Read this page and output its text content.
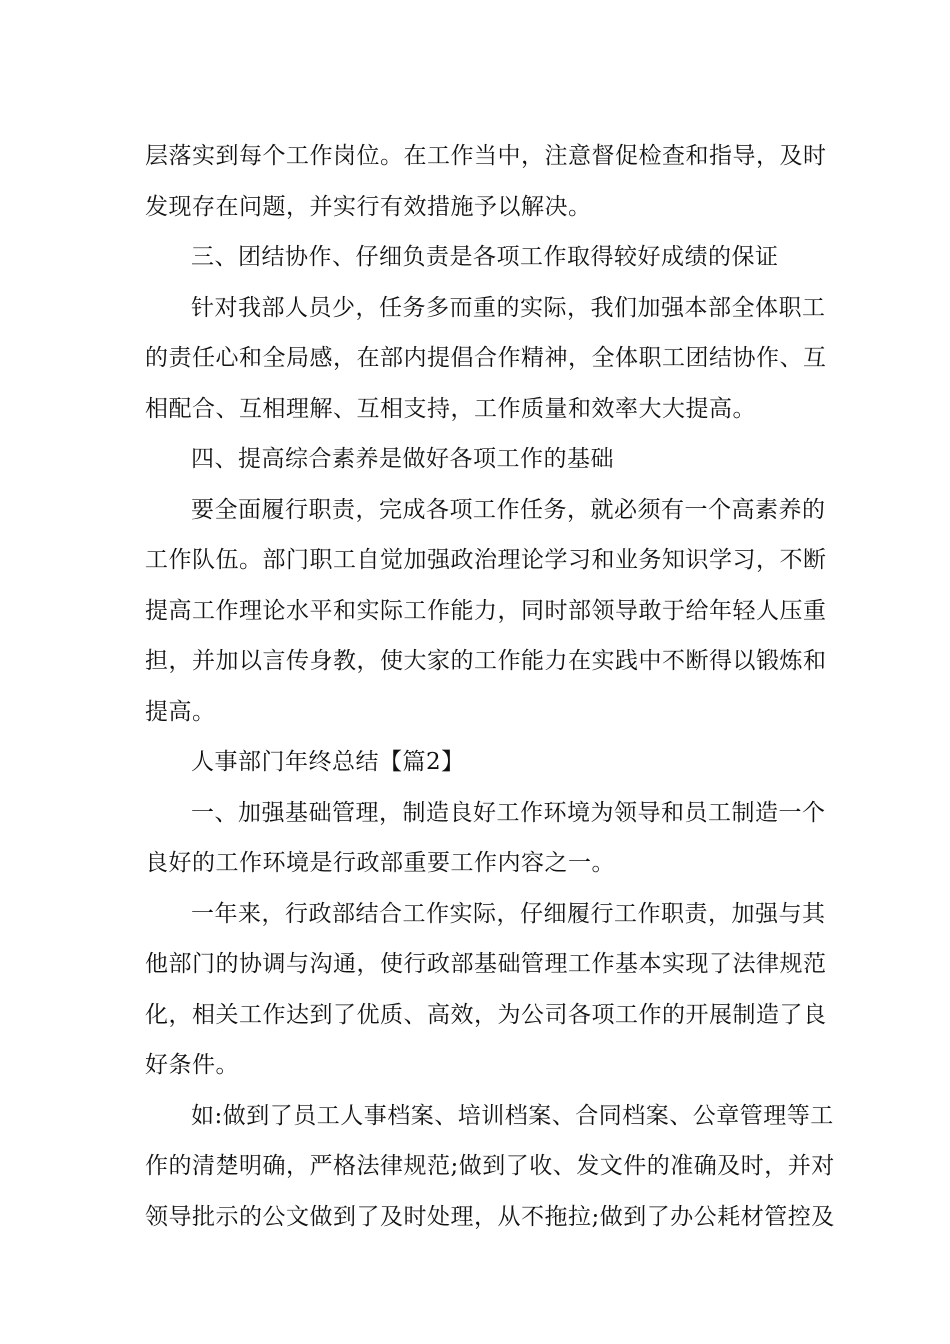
层落实到每个工作岗位。在工作当中，注意督促检查和指导，及时
发现存在问题，并实行有效措施予以解决。
三、团结协作、仔细负责是各项工作取得较好成绩的保证
针对我部人员少，任务多而重的实际，我们加强本部全体职工
的责任心和全局感，在部内提倡合作精神，全体职工团结协作、互
相配合、互相理解、互相支持，工作质量和效率大大提高。
四、提高综合素养是做好各项工作的基础
要全面履行职责，完成各项工作任务，就必须有一个高素养的
工作队伍。部门职工自觉加强政治理论学习和业务知识学习，不断
提高工作理论水平和实际工作能力，同时部领导敢于给年轻人压重
担，并加以言传身教，使大家的工作能力在实践中不断得以锻炼和
提高。
人事部门年终总结【篇2】
一、加强基础管理，制造良好工作环境为领导和员工制造一个
良好的工作环境是行政部重要工作内容之一。
一年来，行政部结合工作实际，仔细履行工作职责，加强与其
他部门的协调与沟通，使行政部基础管理工作基本实现了法律规范
化，相关工作达到了优质、高效，为公司各项工作的开展制造了良
好条件。
如:做到了员工人事档案、培训档案、合同档案、公章管理等工
作的清楚明确，严格法律规范;做到了收、发文件的准确及时，并对
领导批示的公文做到了及时处理，从不拖拉;做到了办公耗材管控及
